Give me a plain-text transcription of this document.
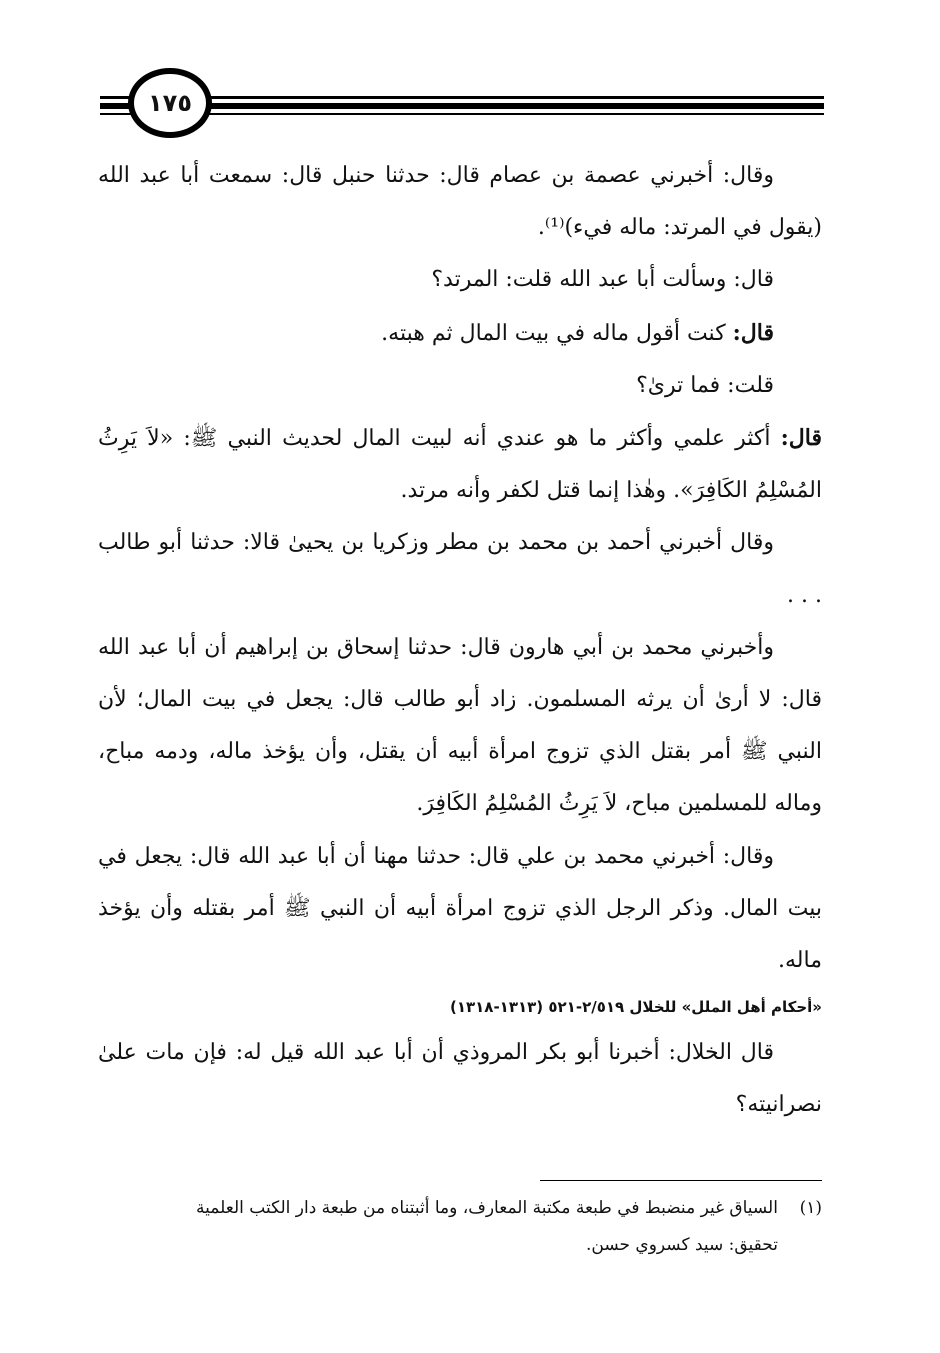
١٧٥

وقال: أخبرني عصمة بن عصام قال: حدثنا حنبل قال: سمعت أبا عبد الله (يقول في المرتد: ماله فيء)⁽¹⁾.

قال: وسألت أبا عبد الله قلت: المرتد؟

قال: كنت أقول ماله في بيت المال ثم هبته.

قلت: فما ترىٰ؟

قال: أكثر علمي وأكثر ما هو عندي أنه لبيت المال لحديث النبي ﷺ: «لاَ يَرِثُ المُسْلِمُ الكَافِرَ». وهٰذا إنما قتل لكفر وأنه مرتد.

وقال أخبرني أحمد بن محمد بن مطر وزكريا بن يحيىٰ قالا: حدثنا أبو طالب . . .

وأخبرني محمد بن أبي هارون قال: حدثنا إسحاق بن إبراهيم أن أبا عبد الله قال: لا أرىٰ أن يرثه المسلمون. زاد أبو طالب قال: يجعل في بيت المال؛ لأن النبي ﷺ أمر بقتل الذي تزوج امرأة أبيه أن يقتل، وأن يؤخذ ماله، ودمه مباح، وماله للمسلمين مباح، لاَ يَرِثُ المُسْلِمُ الكَافِرَ.

وقال: أخبرني محمد بن علي قال: حدثنا مهنا أن أبا عبد الله قال: يجعل في بيت المال. وذكر الرجل الذي تزوج امرأة أبيه أن النبي ﷺ أمر بقتله وأن يؤخذ ماله.

«أحكام أهل الملل» للخلال ٢/٥١٩-٥٢١ (١٣١٣-١٣١٨)

قال الخلال: أخبرنا أبو بكر المروذي أن أبا عبد الله قيل له: فإن مات علىٰ نصرانيته؟

(١)    السياق غير منضبط في طبعة مكتبة المعارف، وما أثبتناه من طبعة دار الكتب العلمية

تحقيق: سيد كسروي حسن.
